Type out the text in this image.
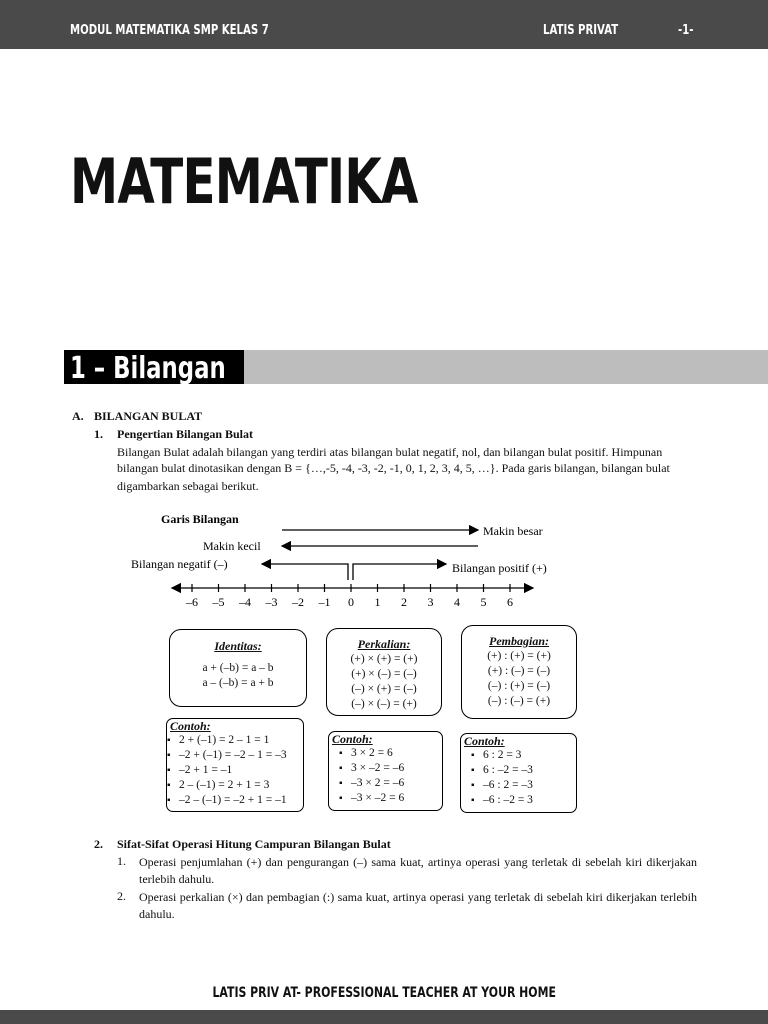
MODUL MATEMATIKA SMP KELAS 7	LATIS PRIVAT	-1-
MATEMATIKA
1 – Bilangan
A. BILANGAN BULAT
1. Pengertian Bilangan Bulat
Bilangan Bulat adalah bilangan yang terdiri atas bilangan bulat negatif, nol, dan bilangan bulat positif. Himpunan
bilangan bulat dinotasikan dengan B = {…,-5, -4, -3, -2, -1, 0, 1, 2, 3, 4, 5, …}. Pada garis bilangan, bilangan bulat
digambarkan sebagai berikut.
Garis Bilangan
Makin besar
Makin kecil
Bilangan negatif (–)	Bilangan positif (+)
–6 –5 –4 –3 –2 –1 0 1 2 3 4 5 6
Identitas:
a + (–b) = a – b
a – (–b) = a + b
Perkalian:
(+) × (+) = (+)
(+) × (–) = (–)
(–) × (+) = (–)
(–) × (–) = (+)
Pembagian:
(+) : (+) = (+)
(+) : (–) = (–)
(–) : (+) = (–)
(–) : (–) = (+)
Contoh:
▪ 2 + (–1) = 2 – 1 = 1
▪ –2 + (–1) = –2 – 1 = –3
▪ –2 + 1 = –1
▪ 2 – (–1) = 2 + 1 = 3
▪ –2 – (–1) = –2 + 1 = –1
Contoh:
▪ 3 × 2 = 6
▪ 3 × –2 = –6
▪ –3 × 2 = –6
▪ –3 × –2 = 6
Contoh:
▪ 6 : 2 = 3
▪ 6 : –2 = –3
▪ –6 : 2 = –3
▪ –6 : –2 = 3
2. Sifat-Sifat Operasi Hitung Campuran Bilangan Bulat
1. Operasi penjumlahan (+) dan pengurangan (–) sama kuat, artinya operasi yang terletak di sebelah kiri dikerjakan terlebih dahulu.
2. Operasi perkalian (×) dan pembagian (:) sama kuat, artinya operasi yang terletak di sebelah kiri dikerjakan terlebih dahulu.
LATIS PRIV AT- PROFESSIONAL TEACHER AT YOUR HOME
